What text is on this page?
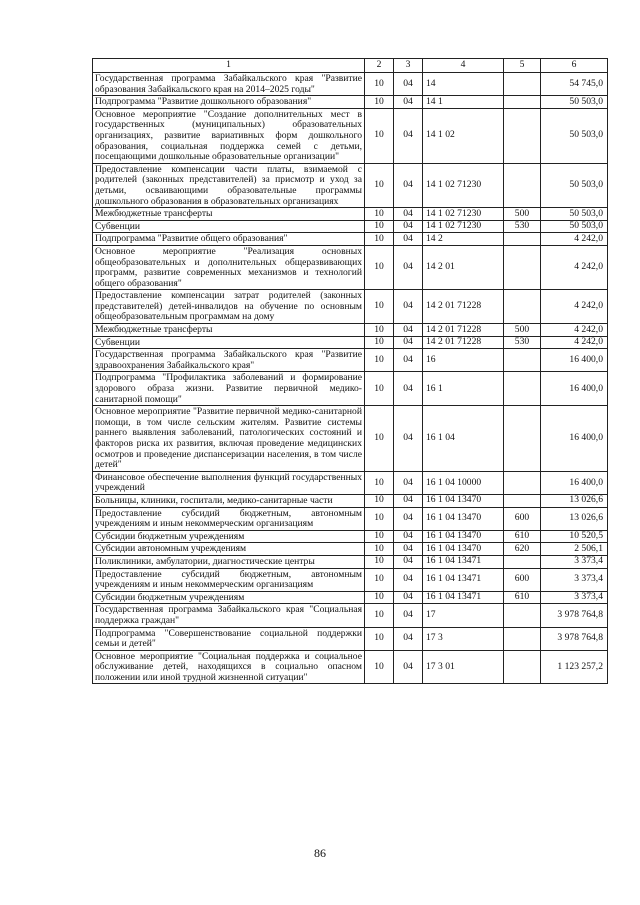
1	2	3	4	5	6
Государственная программа Забайкальского края "Развитие образования Забайкальского края на 2014–2025 годы"	10	04	14		54 745,0
Подпрограмма "Развитие дошкольного образования"	10	04	14 1		50 503,0
Основное мероприятие "Создание дополнительных мест в государственных (муниципальных) образовательных организациях, развитие вариативных форм дошкольного образования, социальная поддержка семей с детьми, посещающими дошкольные образовательные организации"	10	04	14 1 02		50 503,0
Предоставление компенсации части платы, взимаемой с родителей (законных представителей) за присмотр и уход за детьми, осваивающими образовательные программы дошкольного образования в образовательных организациях	10	04	14 1 02 71230		50 503,0
Межбюджетные трансферты	10	04	14 1 02 71230	500	50 503,0
Субвенции	10	04	14 1 02 71230	530	50 503,0
Подпрограмма "Развитие общего образования"	10	04	14 2		4 242,0
Основное мероприятие "Реализация основных общеобразовательных и дополнительных общеразвивающих программ, развитие современных механизмов и технологий общего образования"	10	04	14 2 01		4 242,0
Предоставление компенсации затрат родителей (законных представителей) детей-инвалидов на обучение по основным общеобразовательным программам на дому	10	04	14 2 01 71228		4 242,0
Межбюджетные трансферты	10	04	14 2 01 71228	500	4 242,0
Субвенции	10	04	14 2 01 71228	530	4 242,0
Государственная программа Забайкальского края "Развитие здравоохранения Забайкальского края"	10	04	16		16 400,0
Подпрограмма "Профилактика заболеваний и формирование здорового образа жизни. Развитие первичной медико-санитарной помощи"	10	04	16 1		16 400,0
Основное мероприятие "Развитие первичной медико-санитарной помощи, в том числе сельским жителям. Развитие системы раннего выявления заболеваний, патологических состояний и факторов риска их развития, включая проведение медицинских осмотров и проведение диспансеризации населения, в том числе детей"	10	04	16 1 04		16 400,0
Финансовое обеспечение выполнения функций государственных учреждений	10	04	16 1 04 10000		16 400,0
Больницы, клиники, госпитали, медико-санитарные части	10	04	16 1 04 13470		13 026,6
Предоставление субсидий бюджетным, автономным учреждениям и иным некоммерческим организациям	10	04	16 1 04 13470	600	13 026,6
Субсидии бюджетным учреждениям	10	04	16 1 04 13470	610	10 520,5
Субсидии автономным учреждениям	10	04	16 1 04 13470	620	2 506,1
Поликлиники, амбулатории, диагностические центры	10	04	16 1 04 13471		3 373,4
Предоставление субсидий бюджетным, автономным учреждениям и иным некоммерческим организациям	10	04	16 1 04 13471	600	3 373,4
Субсидии бюджетным учреждениям	10	04	16 1 04 13471	610	3 373,4
Государственная программа Забайкальского края "Социальная поддержка граждан"	10	04	17		3 978 764,8
Подпрограмма "Совершенствование социальной поддержки семьи и детей"	10	04	17 3		3 978 764,8
Основное мероприятие "Социальная поддержка и социальное обслуживание детей, находящихся в социально опасном положении или иной трудной жизненной ситуации"	10	04	17 3 01		1 123 257,2
86
